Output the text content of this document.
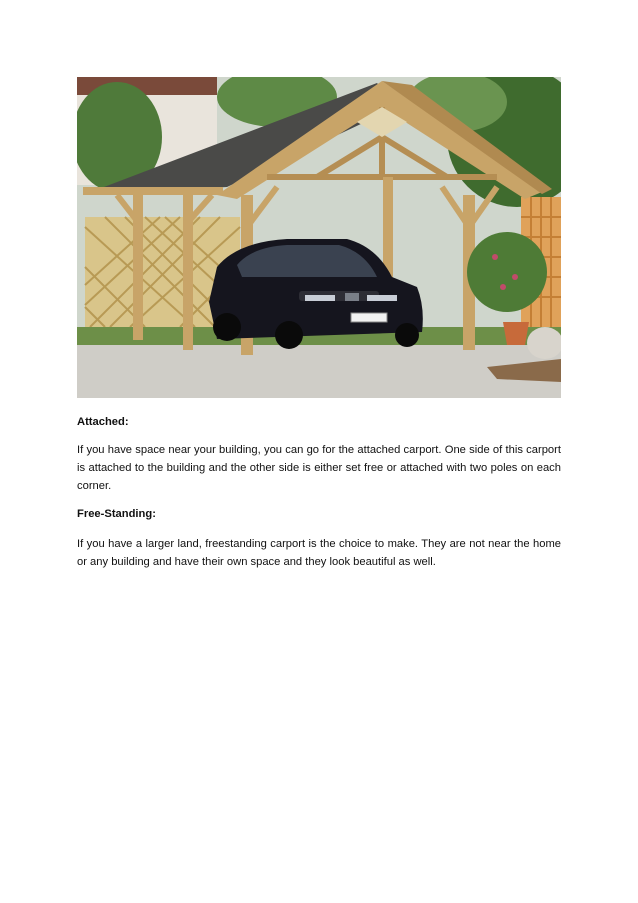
Attached:
If you have space near your building, you can go for the attached carport. One side of this carport is attached to the building and the other side is either set free or attached with two poles on each corner.
Free-Standing:
If you have a larger land, freestanding carport is the choice to make. They are not near the home or any building and have their own space and they look beautiful as well.
